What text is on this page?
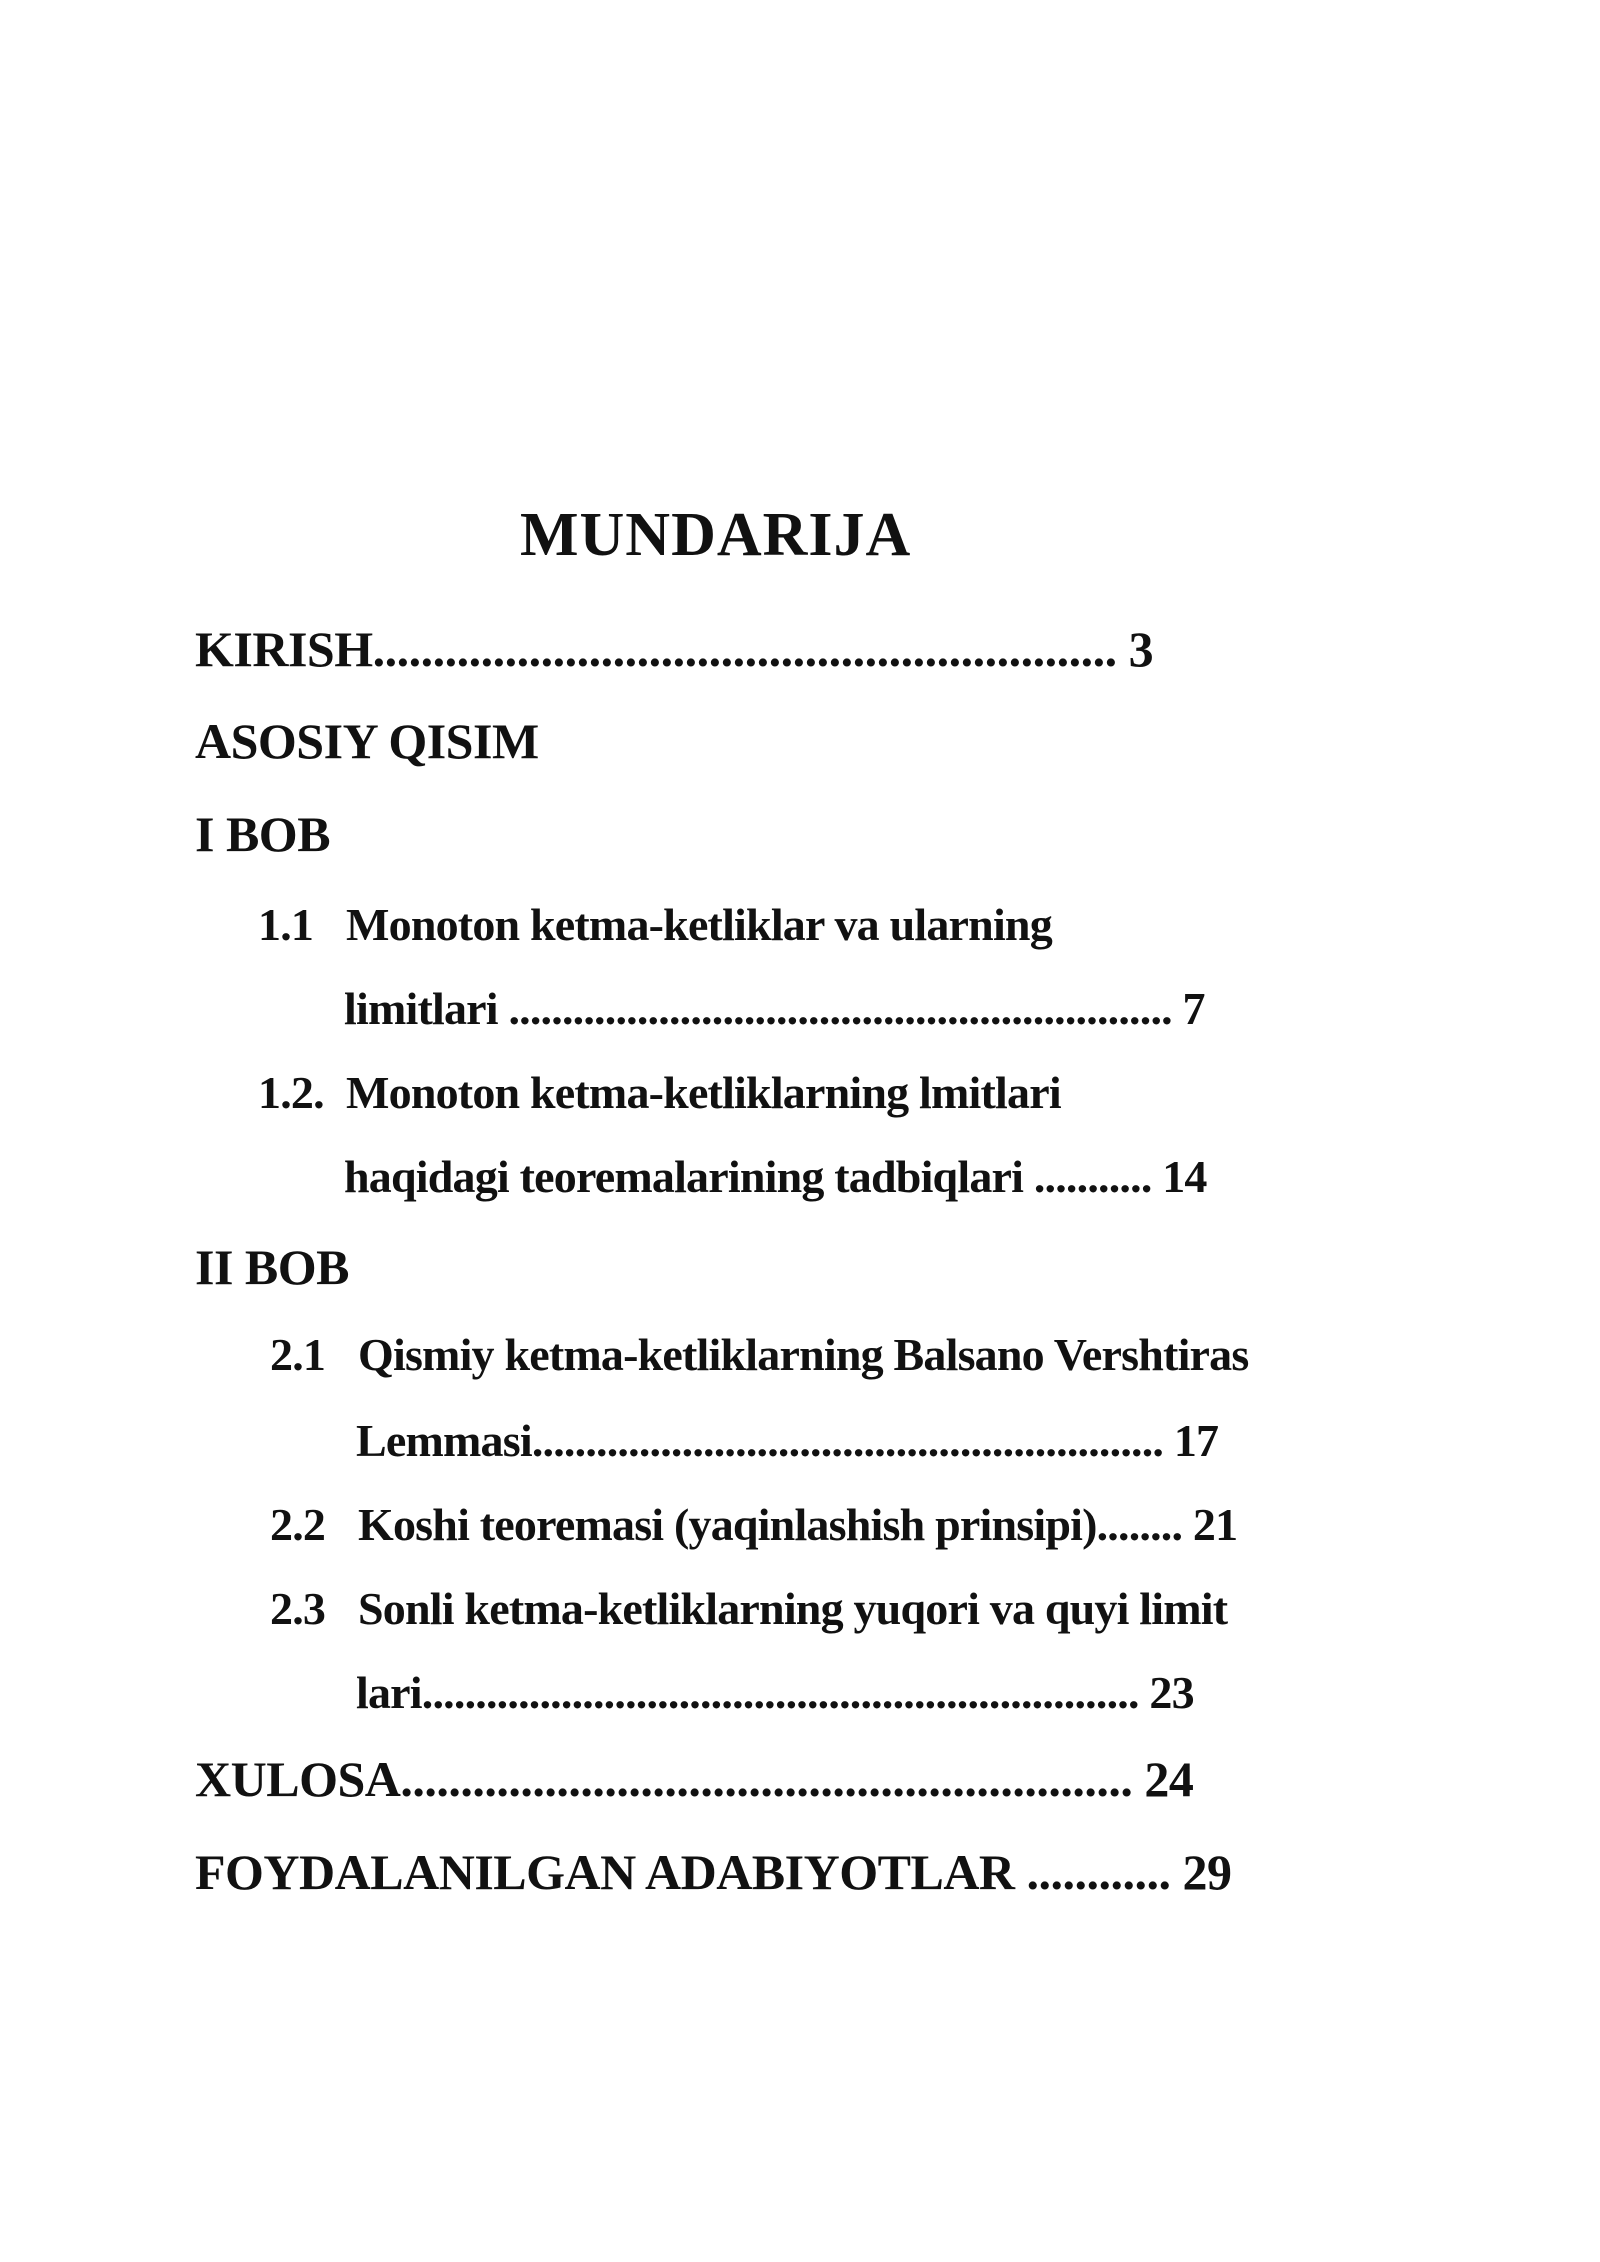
MUNDARIJA
KIRISH.............................................................. 3
ASOSIY QISIM
I BOB
1.1 Monoton ketma-ketliklar va ularning
limitlari .............................................................. 7
1.2. Monoton ketma-ketliklarning lmitlari
haqidagi teoremalarining tadbiqlari ........... 14
II BOB
2.1 Qismiy ketma-ketliklarning Balsano Vershtiras
Lemmasi........................................................... 17
2.2 Koshi teoremasi (yaqinlashish prinsipi)........ 21
2.3 Sonli ketma-ketliklarning yuqori va quyi limit
lari................................................................... 23
XULOSA............................................................. 24
FOYDALANILGAN ADABIYOTLAR ............ 29
